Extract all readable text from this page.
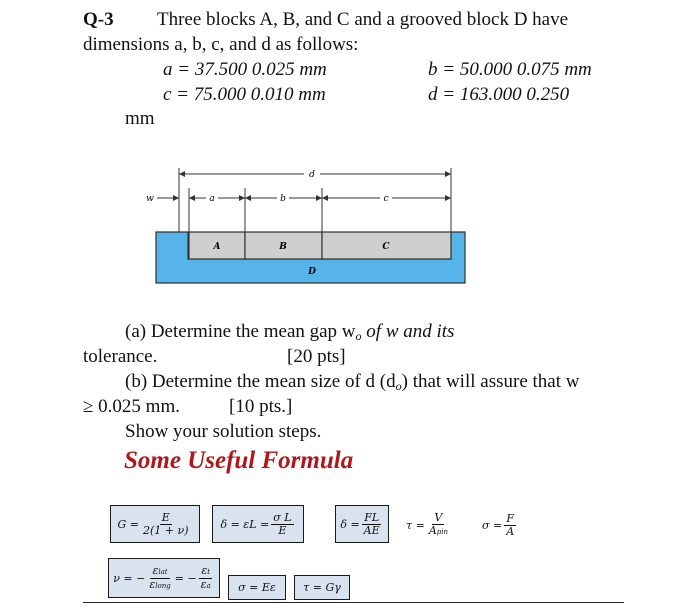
Q-3 Three blocks A, B, and C and a grooved block D have
dimensions a, b, c, and d as follows:
a = 37.500 0.025 mm	b = 50.000 0.075 mm
c = 75.000 0.010 mm	d = 163.000 0.250
mm
d
w	a	b	c
A	B	C
D
(a) Determine the mean gap $w_o$ of w and its
tolerance.	[20 pts]
(b) Determine the mean size of d $(d_o)$ that will assure that w
≥ 0.025 mm.	[10 pts.]
Show your solution steps.
Some Useful Formula
$G = \frac{E}{2(1 + \nu)}$	$\delta = \varepsilon L = \frac{\text{σ L}}{E}$	$\delta = \frac{FL}{AE}$ $\tau = \frac{V}{\text{Apin}}$	$\sigma = \frac{F}{A}$
ν = − $\frac{\text{εlat}}{\text{εlong}}$ = − $\frac{\varepsilon t}{\varepsilon a}$	σ = Eε	τ = Gγ
